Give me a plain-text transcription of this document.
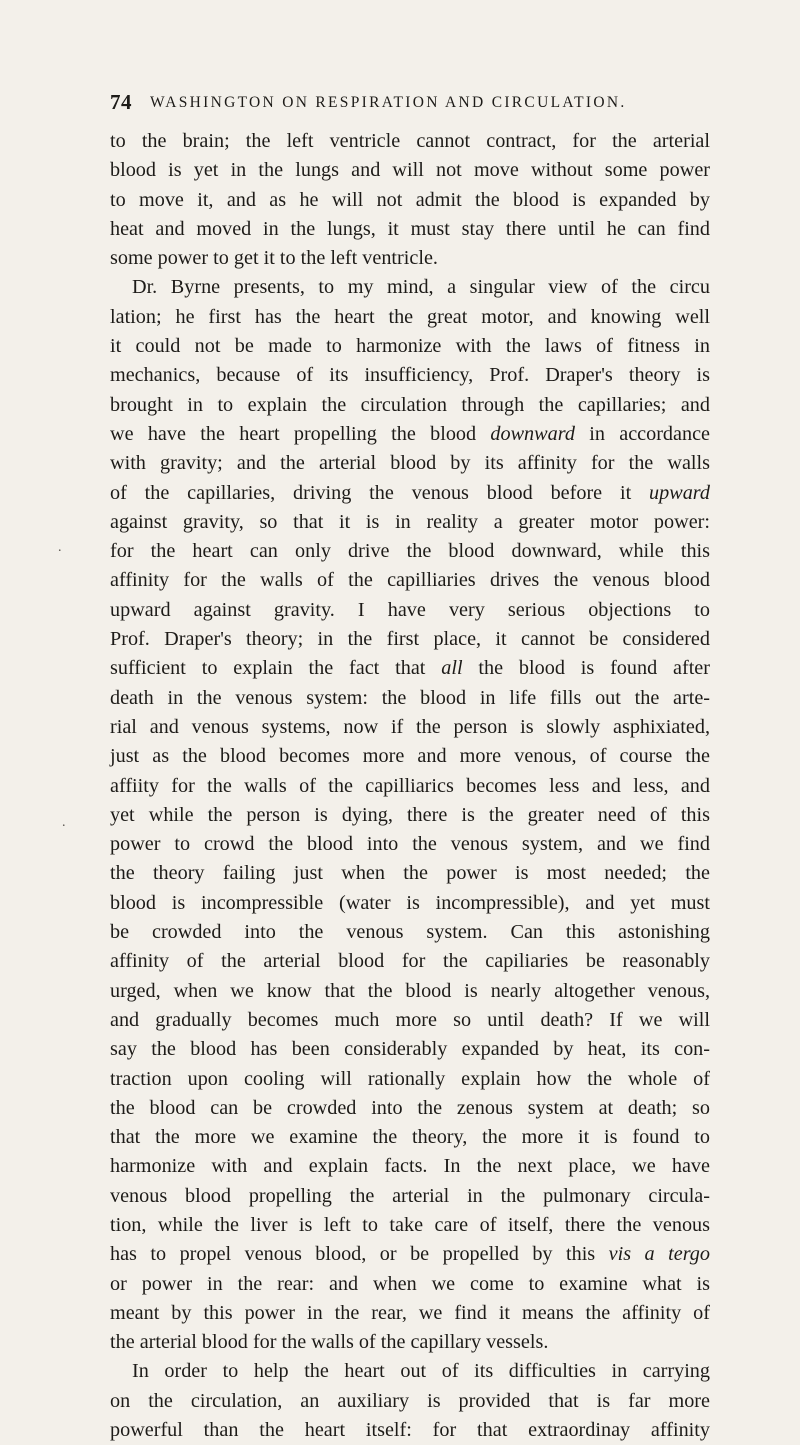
74 WASHINGTON ON RESPIRATION AND CIRCULATION.
to the brain; the left ventricle cannot contract, for the arterial
blood is yet in the lungs and will not move without some power
to move it, and as he will not admit the blood is expanded by
heat and moved in the lungs, it must stay there until he can find
some power to get it to the left ventricle.
Dr. Byrne presents, to my mind, a singular view of the circu
lation; he first has the heart the great motor, and knowing well
it could not be made to harmonize with the laws of fitness in
mechanics, because of its insufficiency, Prof. Draper's theory is
brought in to explain the circulation through the capillaries; and
we have the heart propelling the blood downward in accordance
with gravity; and the arterial blood by its affinity for the walls
of the capillaries, driving the venous blood before it upward
against gravity, so that it is in reality a greater motor power:
for the heart can only drive the blood downward, while this
affinity for the walls of the capilliaries drives the venous blood
upward against gravity. I have very serious objections to
Prof. Draper's theory; in the first place, it cannot be considered
sufficient to explain the fact that all the blood is found after
death in the venous system: the blood in life fills out the arte-
rial and venous systems, now if the person is slowly asphixiated,
just as the blood becomes more and more venous, of course the
affiity for the walls of the capilliarics becomes less and less, and
yet while the person is dying, there is the greater need of this
power to crowd the blood into the venous system, and we find
the theory failing just when the power is most needed; the
blood is incompressible (water is incompressible), and yet must
be crowded into the venous system. Can this astonishing
affinity of the arterial blood for the capiliaries be reasonably
urged, when we know that the blood is nearly altogether venous,
and gradually becomes much more so until death? If we will
say the blood has been considerably expanded by heat, its con-
traction upon cooling will rationally explain how the whole of
the blood can be crowded into the zenous system at death; so
that the more we examine the theory, the more it is found to
harmonize with and explain facts. In the next place, we have
venous blood propelling the arterial in the pulmonary circula-
tion, while the liver is left to take care of itself, there the venous
has to propel venous blood, or be propelled by this vis a tergo
or power in the rear: and when we come to examine what is
meant by this power in the rear, we find it means the affinity of
the arterial blood for the walls of the capillary vessels.
In order to help the heart out of its difficulties in carrying
on the circulation, an auxiliary is provided that is far more
powerful than the heart itself: for that extraordinay affinity
.
.
